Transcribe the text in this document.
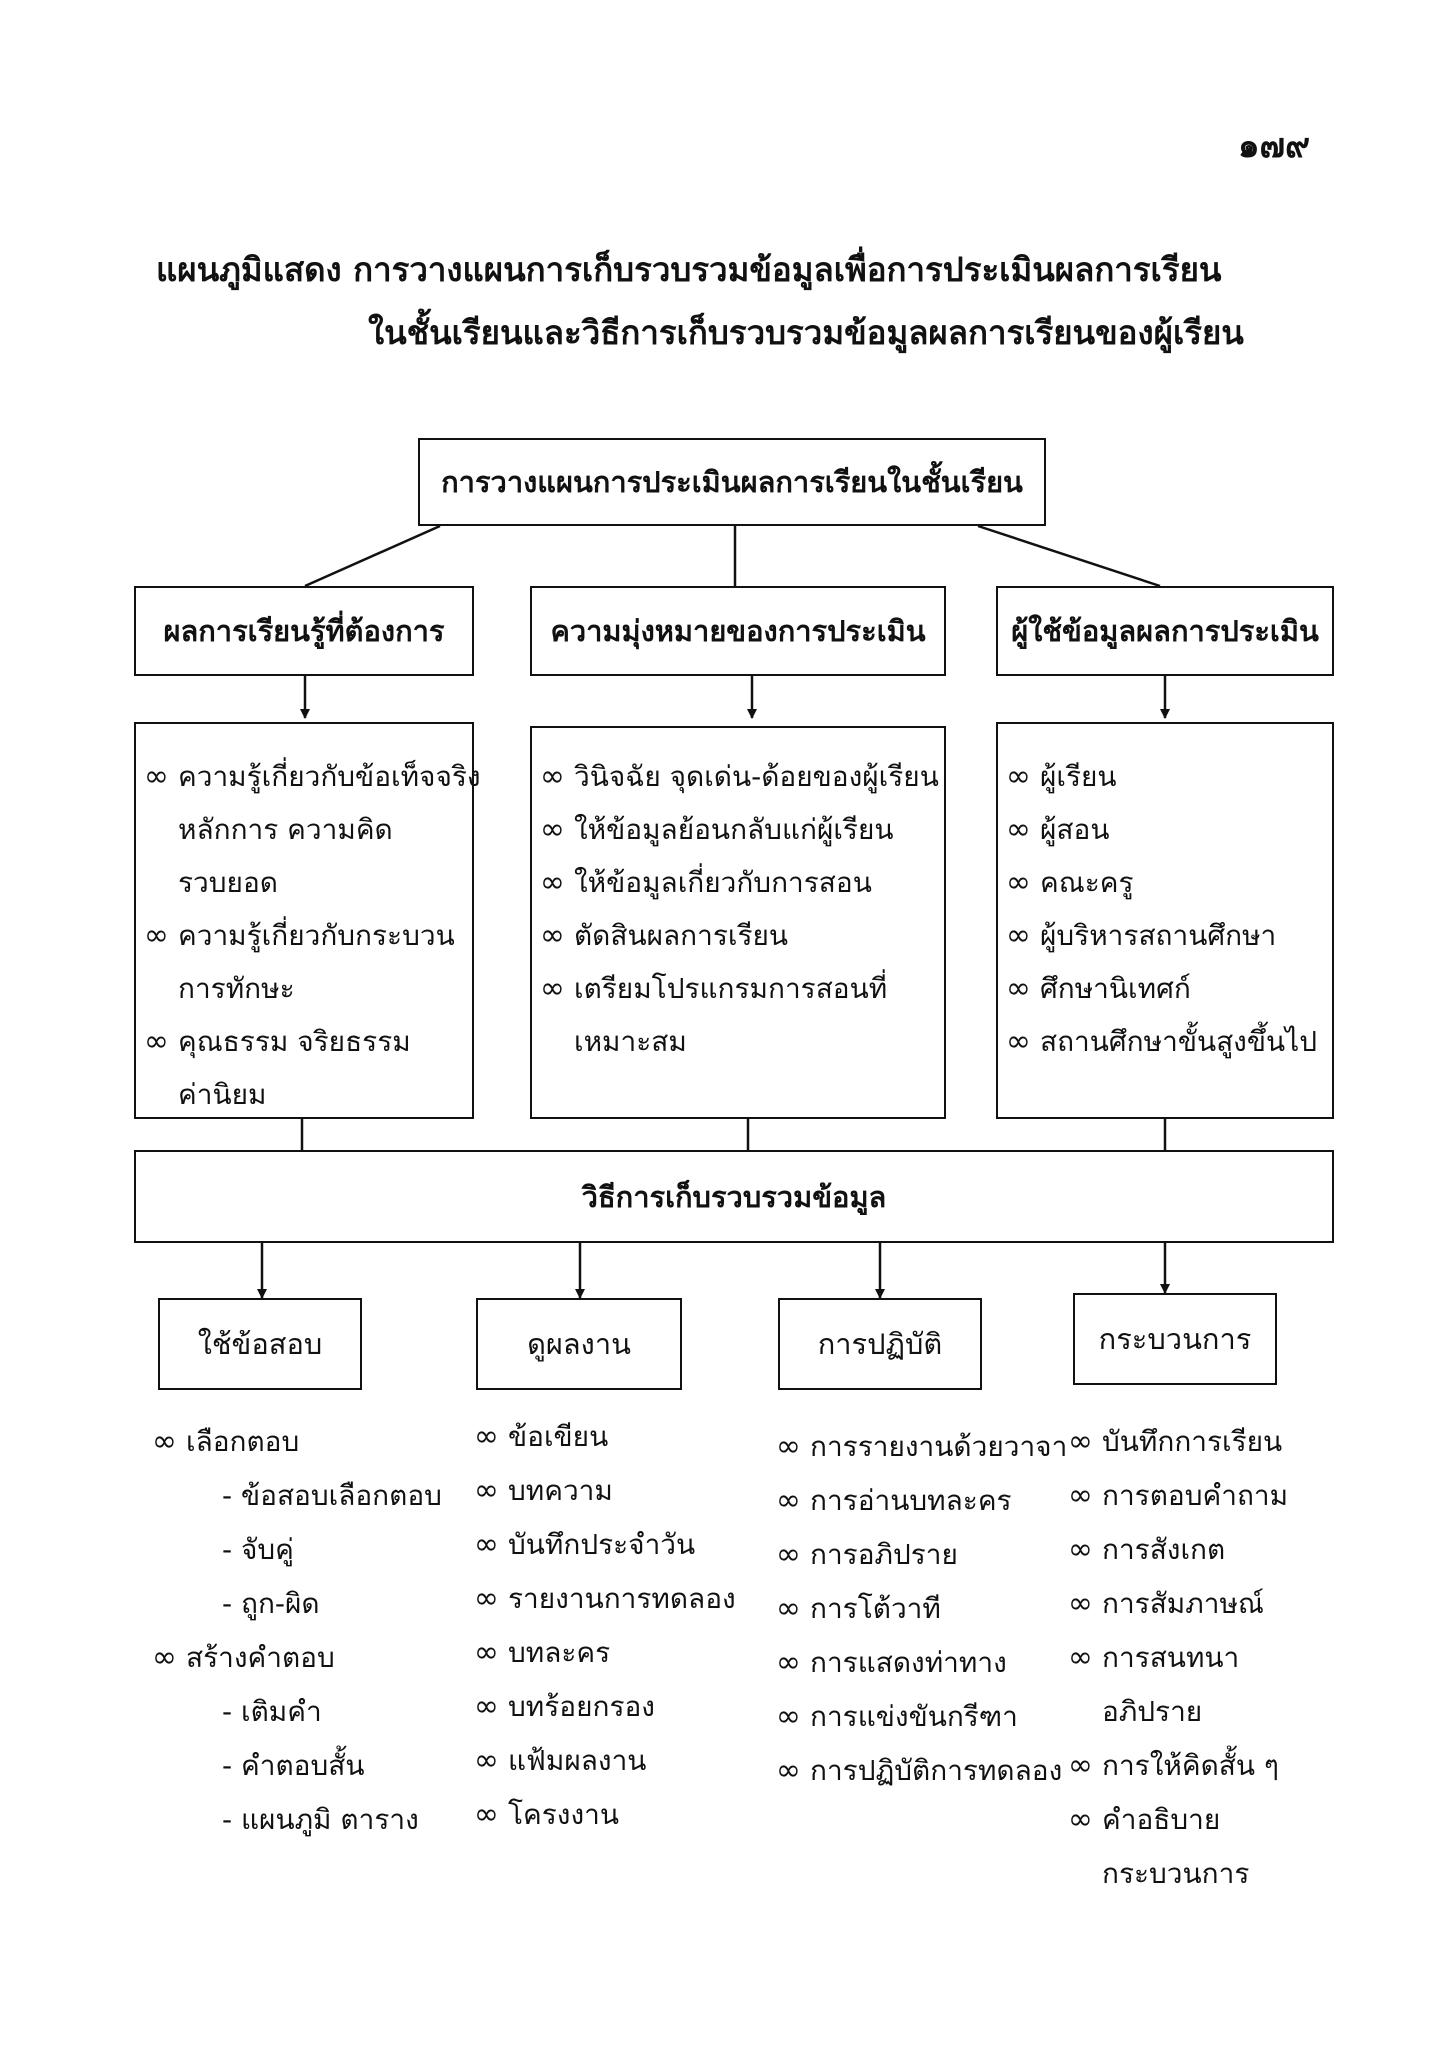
๑๗๙
แผนภูมิแสดง การวางแผนการเก็บรวบรวมข้อมูลเพื่อการประเมินผลการเรียน
ในชั้นเรียนและวิธีการเก็บรวบรวมข้อมูลผลการเรียนของผู้เรียน
การวางแผนการประเมินผลการเรียนในชั้นเรียน
ผลการเรียนรู้ที่ต้องการ	ความมุ่งหมายของการประเมิน	ผู้ใช้ข้อมูลผลการประเมิน
∞ ความรู้เกี่ยวกับข้อเท็จจริง
หลักการ ความคิด
รวบยอด
∞ ความรู้เกี่ยวกับกระบวน
การทักษะ
∞ คุณธรรม จริยธรรม
ค่านิยม
∞ วินิจฉัย จุดเด่น-ด้อยของผู้เรียน
∞ ให้ข้อมูลย้อนกลับแก่ผู้เรียน
∞ ให้ข้อมูลเกี่ยวกับการสอน
∞ ตัดสินผลการเรียน
∞ เตรียมโปรแกรมการสอนที่
เหมาะสม
∞ ผู้เรียน
∞ ผู้สอน
∞ คณะครู
∞ ผู้บริหารสถานศึกษา
∞ ศึกษานิเทศก์
∞ สถานศึกษาขั้นสูงขึ้นไป
วิธีการเก็บรวบรวมข้อมูล
ใช้ข้อสอบ	ดูผลงาน	การปฏิบัติ	กระบวนการ
∞ เลือกตอบ
- ข้อสอบเลือกตอบ
- จับคู่
- ถูก-ผิด
∞ สร้างคำตอบ
- เติมคำ
- คำตอบสั้น
- แผนภูมิ ตาราง
∞ ข้อเขียน
∞ บทความ
∞ บันทึกประจำวัน
∞ รายงานการทดลอง
∞ บทละคร
∞ บทร้อยกรอง
∞ แฟ้มผลงาน
∞ โครงงาน
∞ การรายงานด้วยวาจา
∞ การอ่านบทละคร
∞ การอภิปราย
∞ การโต้วาที
∞ การแสดงท่าทาง
∞ การแข่งขันกรีฑา
∞ การปฏิบัติการทดลอง
∞ บันทึกการเรียน
∞ การตอบคำถาม
∞ การสังเกต
∞ การสัมภาษณ์
∞ การสนทนา
อภิปราย
∞ การให้คิดสั้น ๆ
∞ คำอธิบาย
กระบวนการ
